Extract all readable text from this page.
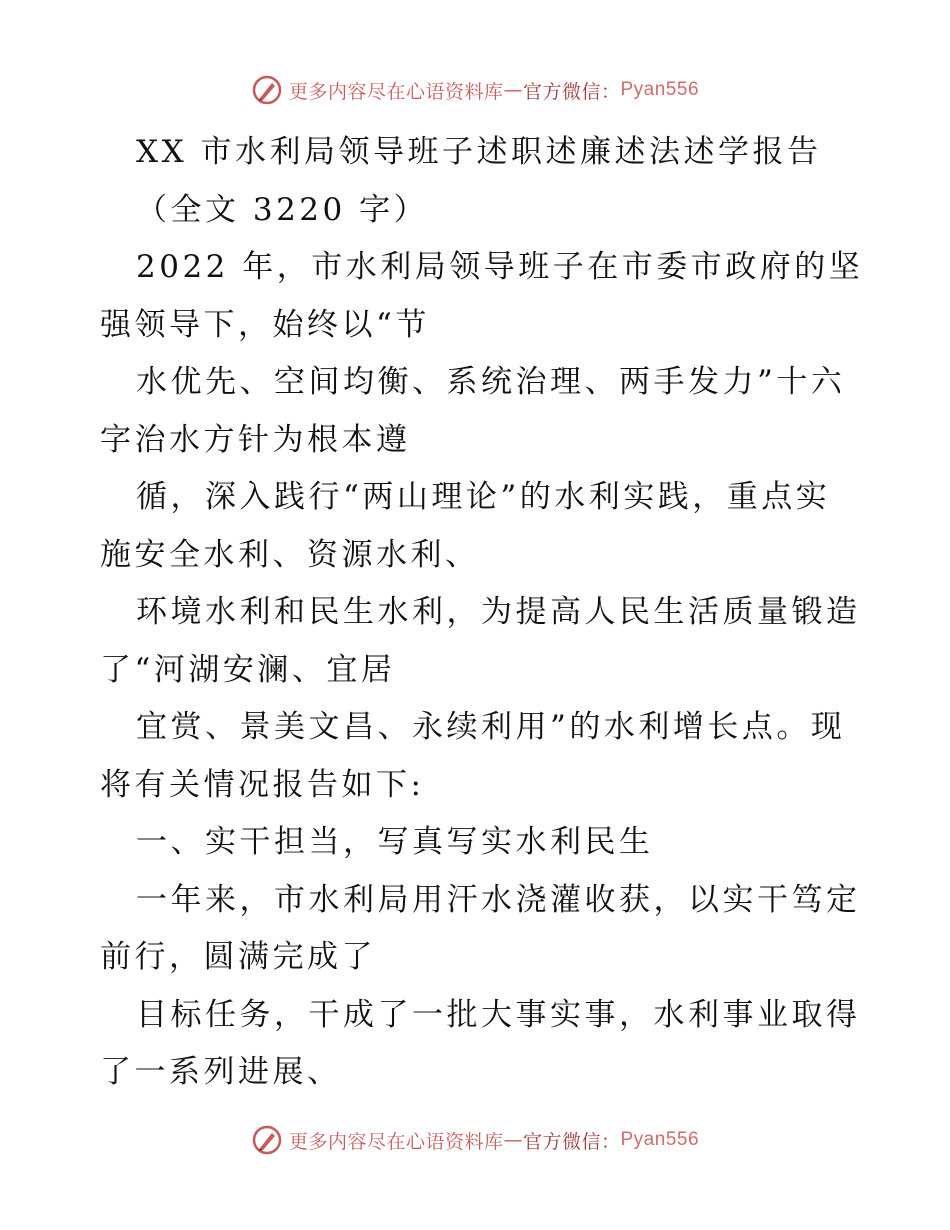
更多内容尽在心语资料库 — 官方微信： Pyan556
XX 市水利局领导班子述职述廉述法述学报告
（全文 3220 字）
2022 年，市水利局领导班子在市委市政府的坚
强领导下，始终以“节
水优先、空间均衡、系统治理、两手发力”十六
字治水方针为根本遵
循，深入践行“两山理论”的水利实践，重点实
施安全水利、资源水利、
环境水利和民生水利，为提高人民生活质量锻造
了“河湖安澜、宜居
宜赏、景美文昌、永续利用”的水利增长点。现
将有关情况报告如下:
一、实干担当，写真写实水利民生
一年来，市水利局用汗水浇灌收获，以实干笃定
前行，圆满完成了
目标任务，干成了一批大事实事，水利事业取得
了一系列进展、
更多内容尽在心语资料库 — 官方微信： Pyan556
